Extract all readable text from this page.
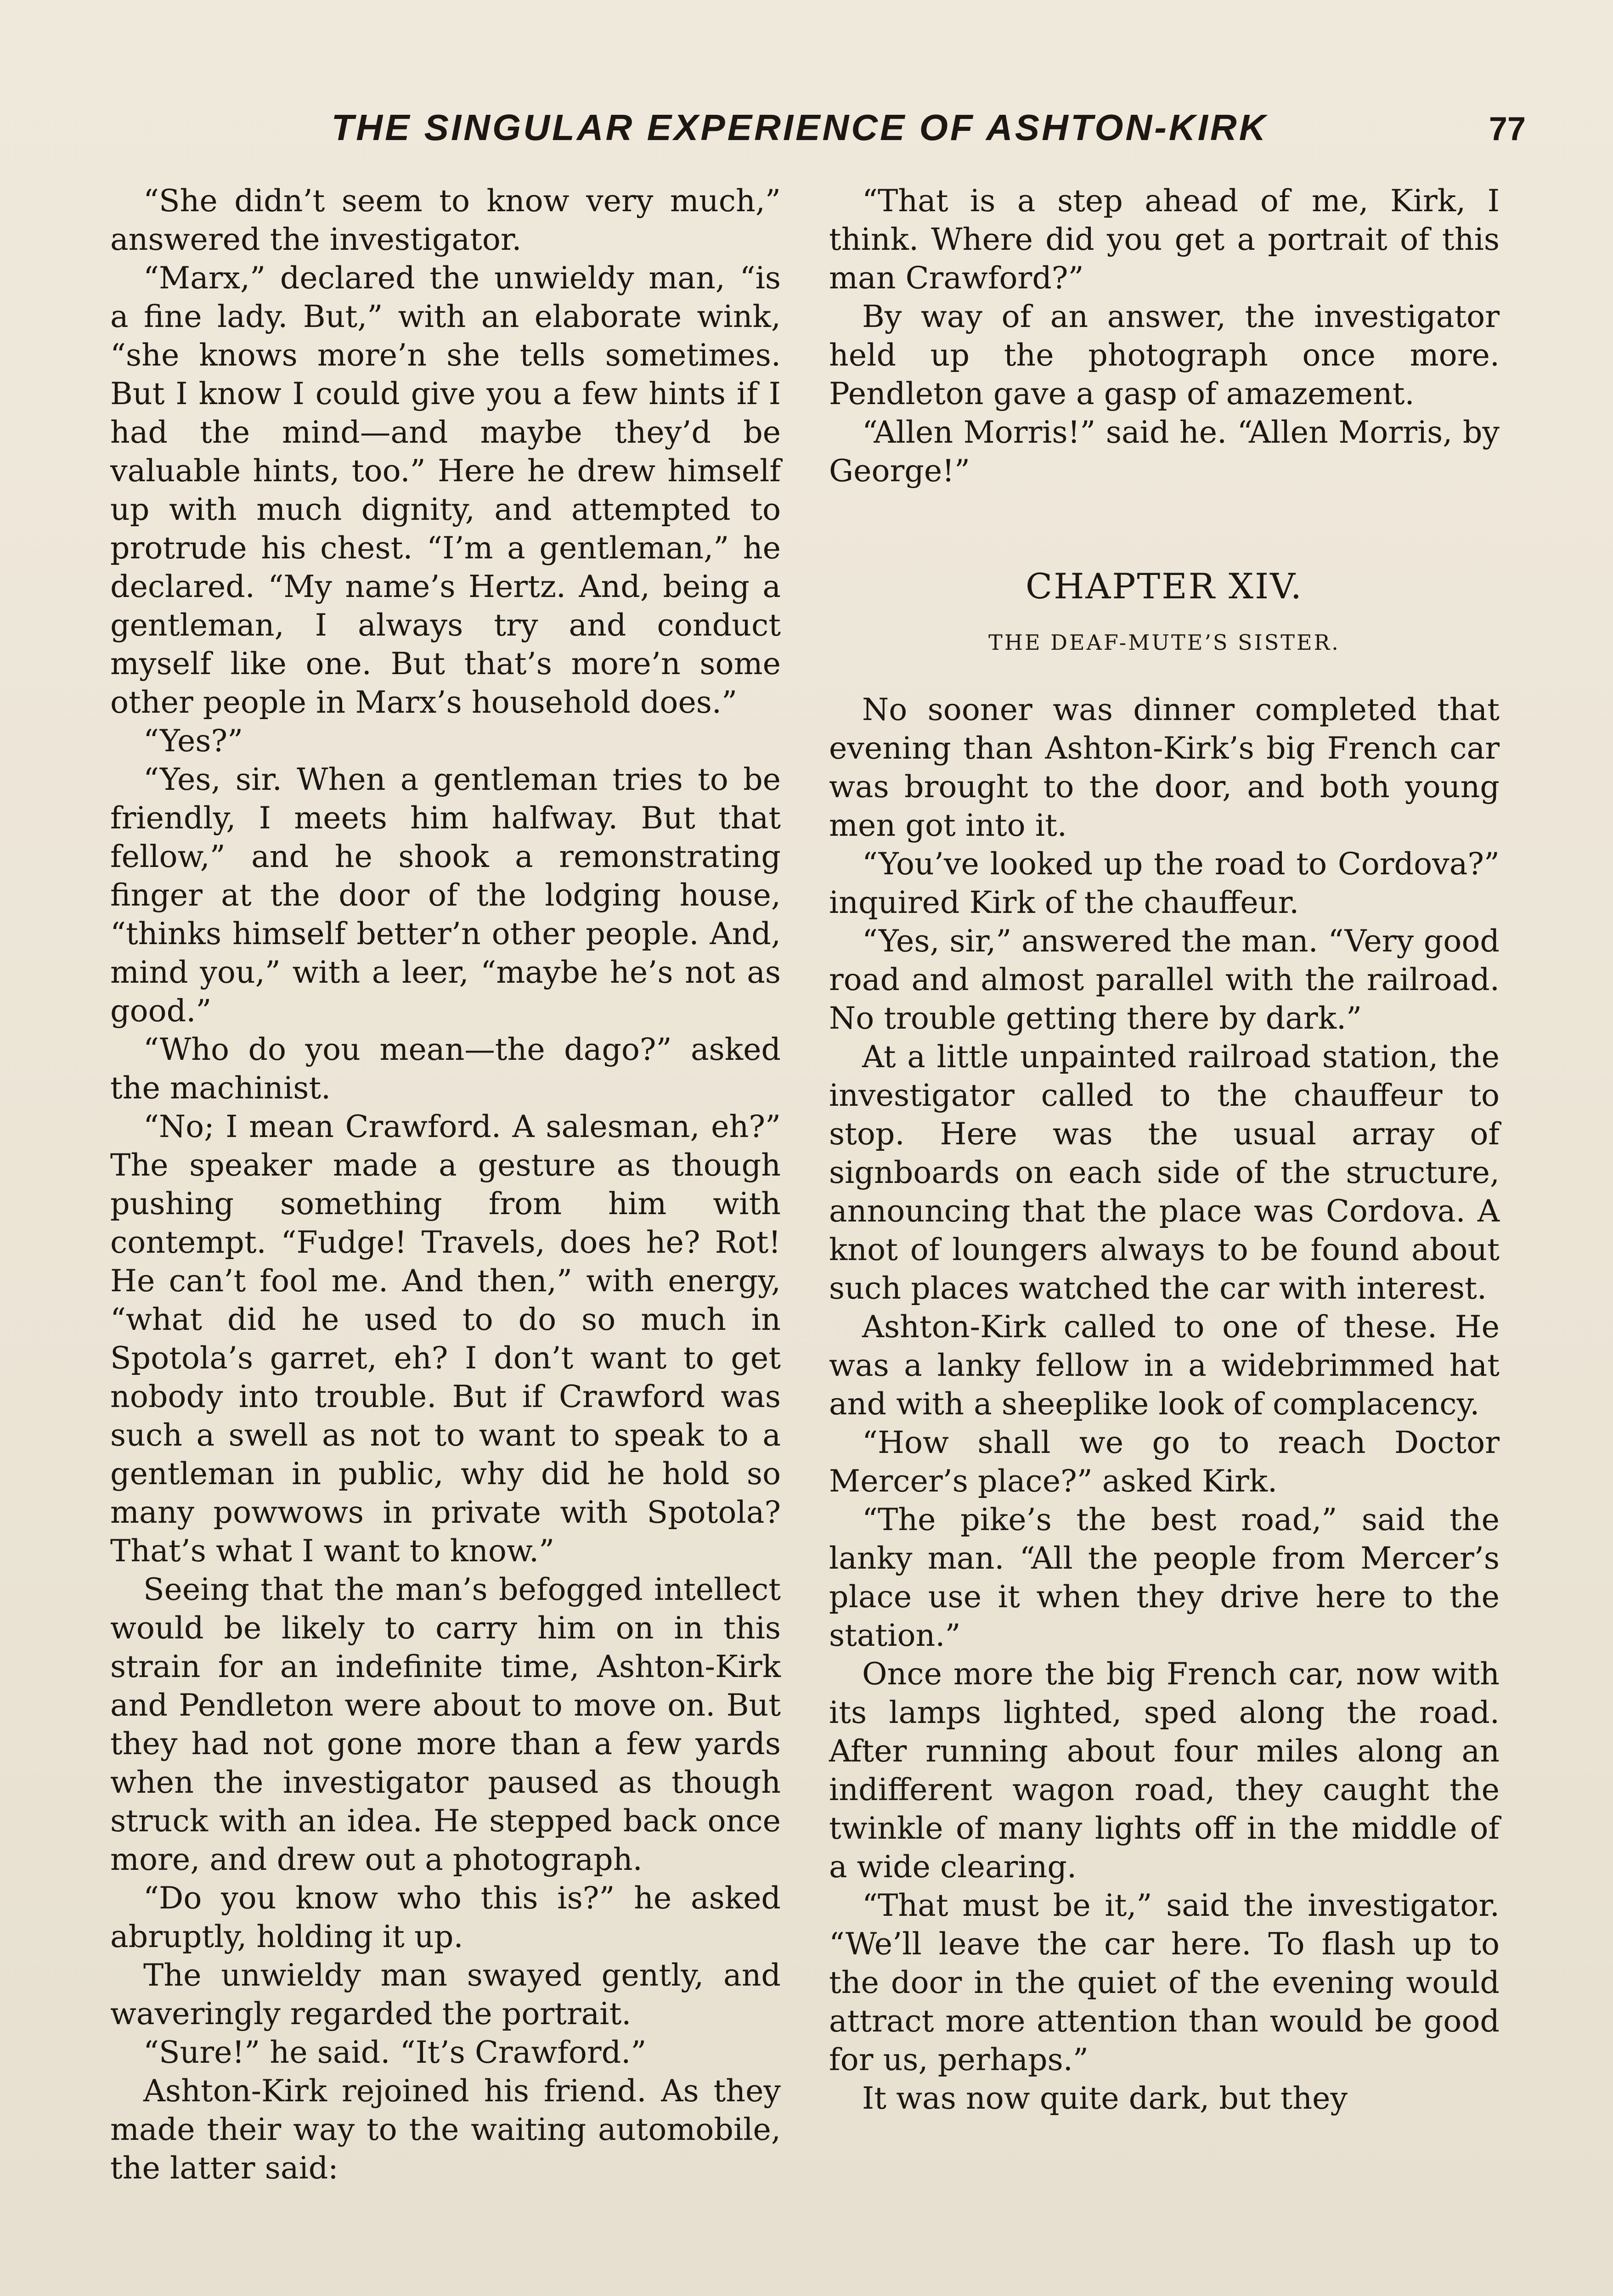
THE SINGULAR EXPERIENCE OF ASHTON-KIRK	77

“She didn’t seem to know very much,” answered the investigator.

“Marx,” declared the unwieldy man, “is a fine lady. But,” with an elaborate wink, “she knows more’n she tells sometimes. But I know I could give you a few hints if I had the mind—and maybe they’d be valuable hints, too.” Here he drew himself up with much dignity, and attempted to protrude his chest. “I’m a gentleman,” he declared. “My name’s Hertz. And, being a gentleman, I always try and conduct myself like one. But that’s more’n some other people in Marx’s household does.”

“Yes?”

“Yes, sir. When a gentleman tries to be friendly, I meets him halfway. But that fellow,” and he shook a remonstrating finger at the door of the lodging house, “thinks himself better’n other people. And, mind you,” with a leer, “maybe he’s not as good.”

“Who do you mean—the dago?” asked the machinist.

“No; I mean Crawford. A salesman, eh?” The speaker made a gesture as though pushing something from him with contempt. “Fudge! Travels, does he? Rot! He can’t fool me. And then,” with energy, “what did he used to do so much in Spotola’s garret, eh? I don’t want to get nobody into trouble. But if Crawford was such a swell as not to want to speak to a gentleman in public, why did he hold so many powwows in private with Spotola? That’s what I want to know.”

Seeing that the man’s befogged intellect would be likely to carry him on in this strain for an indefinite time, Ashton-Kirk and Pendleton were about to move on. But they had not gone more than a few yards when the investigator paused as though struck with an idea. He stepped back once more, and drew out a photograph.

“Do you know who this is?” he asked abruptly, holding it up.

The unwieldy man swayed gently, and waveringly regarded the portrait.

“Sure!” he said. “It’s Crawford.”

Ashton-Kirk rejoined his friend. As they made their way to the waiting automobile, the latter said:

“That is a step ahead of me, Kirk, I think. Where did you get a portrait of this man Crawford?”

By way of an answer, the investigator held up the photograph once more. Pendleton gave a gasp of amazement.

“Allen Morris!” said he. “Allen Morris, by George!”

CHAPTER XIV.
THE DEAF-MUTE’S SISTER.

No sooner was dinner completed that evening than Ashton-Kirk’s big French car was brought to the door, and both young men got into it.

“You’ve looked up the road to Cordova?” inquired Kirk of the chauffeur.

“Yes, sir,” answered the man. “Very good road and almost parallel with the railroad. No trouble getting there by dark.”

At a little unpainted railroad station, the investigator called to the chauffeur to stop. Here was the usual array of signboards on each side of the structure, announcing that the place was Cordova. A knot of loungers always to be found about such places watched the car with interest.

Ashton-Kirk called to one of these. He was a lanky fellow in a widebrimmed hat and with a sheeplike look of complacency.

“How shall we go to reach Doctor Mercer’s place?” asked Kirk.

“The pike’s the best road,” said the lanky man. “All the people from Mercer’s place use it when they drive here to the station.”

Once more the big French car, now with its lamps lighted, sped along the road. After running about four miles along an indifferent wagon road, they caught the twinkle of many lights off in the middle of a wide clearing.

“That must be it,” said the investigator. “We’ll leave the car here. To flash up to the door in the quiet of the evening would attract more attention than would be good for us, perhaps.”

It was now quite dark, but they
